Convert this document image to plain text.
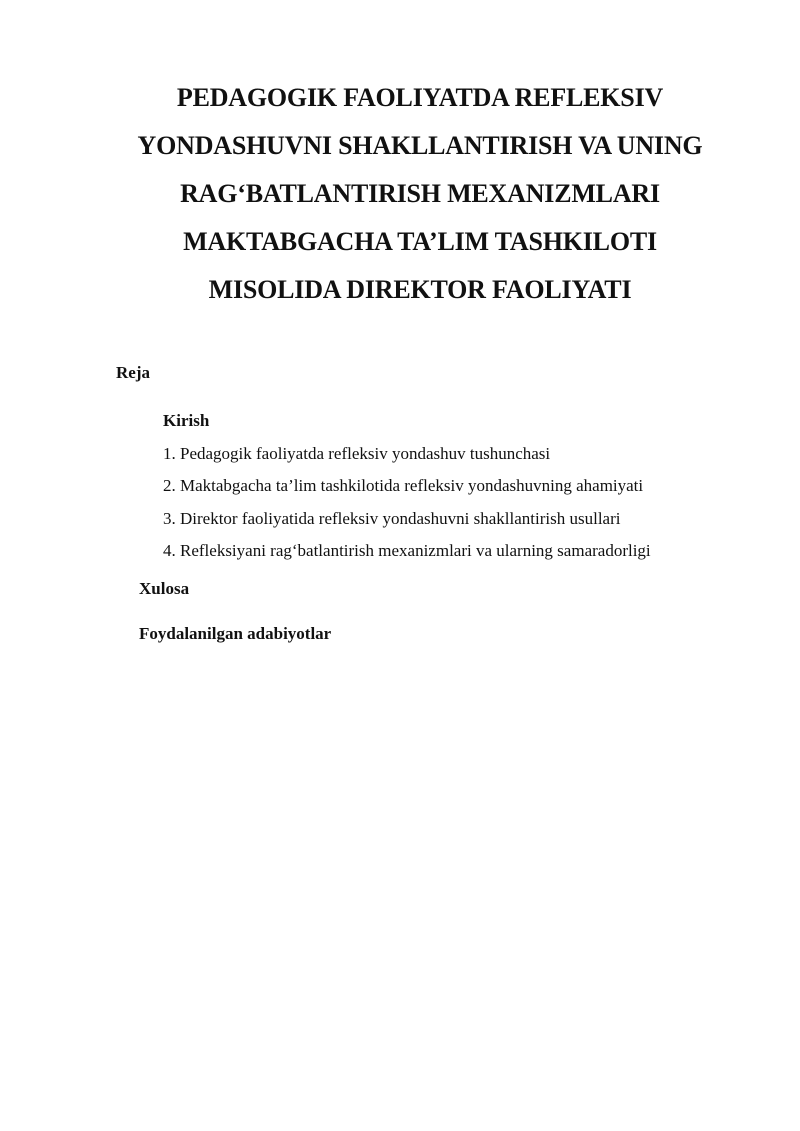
PEDAGOGIK FAOLIYATDA REFLEKSIV
YONDASHUVNI SHAKLLANTIRISH VA UNING
RAG‘BATLANTIRISH MEXANIZMLARI
MAKTABGACHA TA’LIM TASHKILOTI
MISOLIDA DIREKTOR FAOLIYATI
Reja
Kirish
1. Pedagogik faoliyatda refleksiv yondashuv tushunchasi
2. Maktabgacha ta’lim tashkilotida refleksiv yondashuvning ahamiyati
3. Direktor faoliyatida refleksiv yondashuvni shakllantirish usullari
4. Refleksiyani rag‘batlantirish mexanizmlari va ularning samaradorligi
Xulosa
Foydalanilgan adabiyotlar
